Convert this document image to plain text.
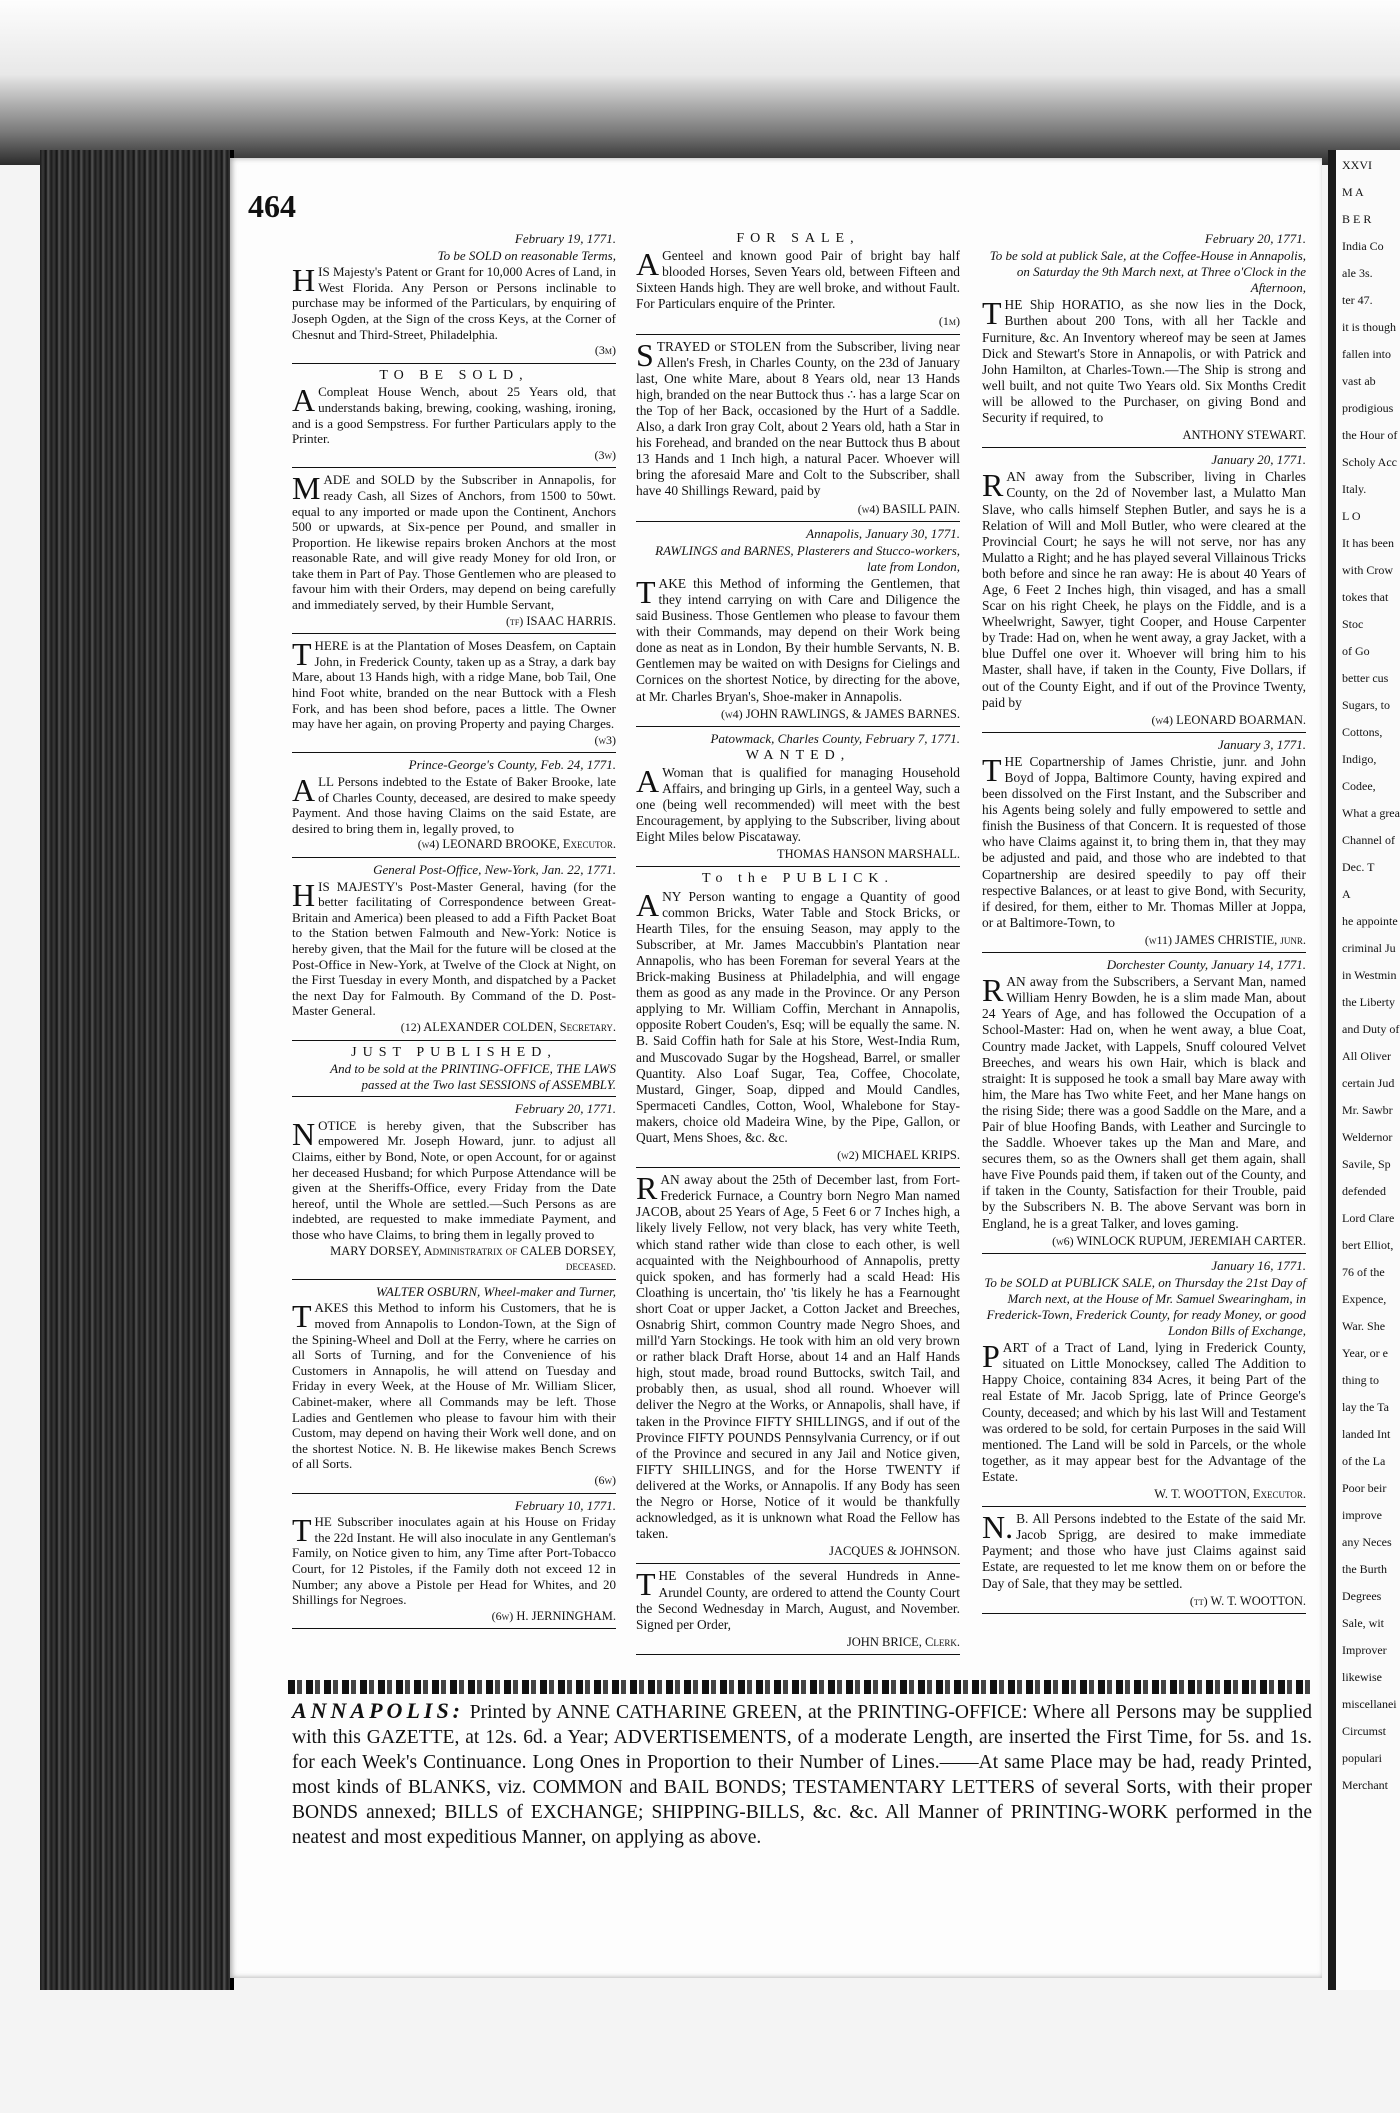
XXVI
M A
B E R
India Co
ale 3s.
ter 47.
it is though
fallen into
vast ab
prodigious
the Hour of
Scholy Acc
Italy.
L O
It has been
with Crow
tokes that
Stoc
of Go
better cus
Sugars, to
Cottons,
Indigo,
Codee,
What a grea
Channel of
Dec. T
A
he appointe
criminal Ju
in Westmin
the Liberty
and Duty of
All Oliver
certain Jud
Mr. Sawbr
Weldernor
Savile, Sp
defended
Lord Clare
bert Elliot,
76 of the
Expence,
War. She
Year, or e
thing to
lay the Ta
landed Int
of the La
Poor beir
improve
any Neces
the Burth
Degrees
Sale, wit
Improver
likewise
miscellanei
Circumst
populari
Merchant
464
February 19, 1771.
To be SOLD on reasonable Terms,

HIS Majesty's Patent or Grant for 10,000 Acres of Land, in West Florida. Any Person or Persons inclinable to purchase may be informed of the Particulars, by enquiring of Joseph Ogden, at the Sign of the cross Keys, at the Corner of Chesnut and Third-Street, Philadelphia.

(3m)
TO BE SOLD,

ACompleat House Wench, about 25 Years old, that understands baking, brewing, cooking, washing, ironing, and is a good Sempstress. For further Particulars apply to the Printer.

(3w)

MADE and SOLD by the Subscriber in Annapolis, for ready Cash, all Sizes of Anchors, from 1500 to 50wt. equal to any imported or made upon the Continent, Anchors 500 or upwards, at Six-pence per Pound, and smaller in Proportion. He likewise repairs broken Anchors at the most reasonable Rate, and will give ready Money for old Iron, or take them in Part of Pay. Those Gentlemen who are pleased to favour him with their Orders, may depend on being carefully and immediately served, by their Humble Servant,

(tf) ISAAC HARRIS.

THERE is at the Plantation of Moses Deasfem, on Captain John, in Frederick County, taken up as a Stray, a dark bay Mare, about 13 Hands high, with a ridge Mane, bob Tail, One hind Foot white, branded on the near Buttock with a Flesh Fork, and has been shod before, paces a little. The Owner may have her again, on proving Property and paying Charges.

(w3)
Prince-George's County, Feb. 24, 1771.

ALL Persons indebted to the Estate of Baker Brooke, late of Charles County, deceased, are desired to make speedy Payment. And those having Claims on the said Estate, are desired to bring them in, legally proved, to

(w4) LEONARD BROOKE, Executor.
General Post-Office, New-York, Jan. 22, 1771.

HIS MAJESTY's Post-Master General, having (for the better facilitating of Correspondence between Great-Britain and America) been pleased to add a Fifth Packet Boat to the Station betwen Falmouth and New-York: Notice is hereby given, that the Mail for the future will be closed at the Post-Office in New-York, at Twelve of the Clock at Night, on the First Tuesday in every Month, and dispatched by a Packet the next Day for Falmouth. By Command of the D. Post-Master General.

(12) ALEXANDER COLDEN, Secretary.
JUST PUBLISHED,
And to be sold at the PRINTING-OFFICE, THE LAWS passed at the Two last SESSIONS of ASSEMBLY.
February 20, 1771.

NOTICE is hereby given, that the Subscriber has empowered Mr. Joseph Howard, junr. to adjust all Claims, either by Bond, Note, or open Account, for or against her deceased Husband; for which Purpose Attendance will be given at the Sheriffs-Office, every Friday from the Date hereof, until the Whole are settled.—Such Persons as are indebted, are requested to make immediate Payment, and those who have Claims, to bring them in legally proved to

MARY DORSEY, Administratrix of CALEB DORSEY, deceased.
WALTER OSBURN, Wheel-maker and Turner,

TAKES this Method to inform his Customers, that he is moved from Annapolis to London-Town, at the Sign of the Spining-Wheel and Doll at the Ferry, where he carries on all Sorts of Turning, and for the Convenience of his Customers in Annapolis, he will attend on Tuesday and Friday in every Week, at the House of Mr. William Slicer, Cabinet-maker, where all Commands may be left. Those Ladies and Gentlemen who please to favour him with their Custom, may depend on having their Work well done, and on the shortest Notice. N. B. He likewise makes Bench Screws of all Sorts.

(6w)
February 10, 1771.

THE Subscriber inoculates again at his House on Friday the 22d Instant. He will also inoculate in any Gentleman's Family, on Notice given to him, any Time after Port-Tobacco Court, for 12 Pistoles, if the Family doth not exceed 12 in Number; any above a Pistole per Head for Whites, and 20 Shillings for Negroes.

(6w) H. JERNINGHAM.
FOR SALE,

AGenteel and known good Pair of bright bay half blooded Horses, Seven Years old, between Fifteen and Sixteen Hands high. They are well broke, and without Fault. For Particulars enquire of the Printer.

(1m)

STRAYED or STOLEN from the Subscriber, living near Allen's Fresh, in Charles County, on the 23d of January last, One white Mare, about 8 Years old, near 13 Hands high, branded on the near Buttock thus ∴ has a large Scar on the Top of her Back, occasioned by the Hurt of a Saddle. Also, a dark Iron gray Colt, about 2 Years old, hath a Star in his Forehead, and branded on the near Buttock thus B about 13 Hands and 1 Inch high, a natural Pacer. Whoever will bring the aforesaid Mare and Colt to the Subscriber, shall have 40 Shillings Reward, paid by

(w4) BASILL PAIN.
Annapolis, January 30, 1771.
RAWLINGS and BARNES, Plasterers and Stucco-workers, late from London,

TAKE this Method of informing the Gentlemen, that they intend carrying on with Care and Diligence the said Business. Those Gentlemen who please to favour them with their Commands, may depend on their Work being done as neat as in London, By their humble Servants, N. B. Gentlemen may be waited on with Designs for Cielings and Cornices on the shortest Notice, by directing for the above, at Mr. Charles Bryan's, Shoe-maker in Annapolis.

(w4) JOHN RAWLINGS, & JAMES BARNES.
Patowmack, Charles County, February 7, 1771.
WANTED,

AWoman that is qualified for managing Household Affairs, and bringing up Girls, in a genteel Way, such a one (being well recommended) will meet with the best Encouragement, by applying to the Subscriber, living about Eight Miles below Piscataway.

THOMAS HANSON MARSHALL.
To the PUBLICK.

ANY Person wanting to engage a Quantity of good common Bricks, Water Table and Stock Bricks, or Hearth Tiles, for the ensuing Season, may apply to the Subscriber, at Mr. James Maccubbin's Plantation near Annapolis, who has been Foreman for several Years at the Brick-making Business at Philadelphia, and will engage them as good as any made in the Province. Or any Person applying to Mr. William Coffin, Merchant in Annapolis, opposite Robert Couden's, Esq; will be equally the same. N. B. Said Coffin hath for Sale at his Store, West-India Rum, and Muscovado Sugar by the Hogshead, Barrel, or smaller Quantity. Also Loaf Sugar, Tea, Coffee, Chocolate, Mustard, Ginger, Soap, dipped and Mould Candles, Spermaceti Candles, Cotton, Wool, Whalebone for Stay-makers, choice old Madeira Wine, by the Pipe, Gallon, or Quart, Mens Shoes, &c. &c.

(w2) MICHAEL KRIPS.

RAN away about the 25th of December last, from Fort-Frederick Furnace, a Country born Negro Man named JACOB, about 25 Years of Age, 5 Feet 6 or 7 Inches high, a likely lively Fellow, not very black, has very white Teeth, which stand rather wide than close to each other, is well acquainted with the Neighbourhood of Annapolis, pretty quick spoken, and has formerly had a scald Head: His Cloathing is uncertain, tho' 'tis likely he has a Fearnought short Coat or upper Jacket, a Cotton Jacket and Breeches, Osnabrig Shirt, common Country made Negro Shoes, and mill'd Yarn Stockings. He took with him an old very brown or rather black Draft Horse, about 14 and an Half Hands high, stout made, broad round Buttocks, switch Tail, and probably then, as usual, shod all round. Whoever will deliver the Negro at the Works, or Annapolis, shall have, if taken in the Province FIFTY SHILLINGS, and if out of the Province FIFTY POUNDS Pennsylvania Currency, or if out of the Province and secured in any Jail and Notice given, FIFTY SHILLINGS, and for the Horse TWENTY if delivered at the Works, or Annapolis. If any Body has seen the Negro or Horse, Notice of it would be thankfully acknowledged, as it is unknown what Road the Fellow has taken.

JACQUES & JOHNSON.

THE Constables of the several Hundreds in Anne-Arundel County, are ordered to attend the County Court the Second Wednesday in March, August, and November. Signed per Order,

JOHN BRICE, Clerk.
February 20, 1771.
To be sold at publick Sale, at the Coffee-House in Annapolis, on Saturday the 9th March next, at Three o'Clock in the Afternoon,

THE Ship HORATIO, as she now lies in the Dock, Burthen about 200 Tons, with all her Tackle and Furniture, &c. An Inventory whereof may be seen at James Dick and Stewart's Store in Annapolis, or with Patrick and John Hamilton, at Charles-Town.—The Ship is strong and well built, and not quite Two Years old. Six Months Credit will be allowed to the Purchaser, on giving Bond and Security if required, to

ANTHONY STEWART.
January 20, 1771.

RAN away from the Subscriber, living in Charles County, on the 2d of November last, a Mulatto Man Slave, who calls himself Stephen Butler, and says he is a Relation of Will and Moll Butler, who were cleared at the Provincial Court; he says he will not serve, nor has any Mulatto a Right; and he has played several Villainous Tricks both before and since he ran away: He is about 40 Years of Age, 6 Feet 2 Inches high, thin visaged, and has a small Scar on his right Cheek, he plays on the Fiddle, and is a Wheelwright, Sawyer, tight Cooper, and House Carpenter by Trade: Had on, when he went away, a gray Jacket, with a blue Duffel one over it. Whoever will bring him to his Master, shall have, if taken in the County, Five Dollars, if out of the County Eight, and if out of the Province Twenty, paid by

(w4) LEONARD BOARMAN.
January 3, 1771.

THE Copartnership of James Christie, junr. and John Boyd of Joppa, Baltimore County, having expired and been dissolved on the First Instant, and the Subscriber and his Agents being solely and fully empowered to settle and finish the Business of that Concern. It is requested of those who have Claims against it, to bring them in, that they may be adjusted and paid, and those who are indebted to that Copartnership are desired speedily to pay off their respective Balances, or at least to give Bond, with Security, if desired, for them, either to Mr. Thomas Miller at Joppa, or at Baltimore-Town, to

(w11) JAMES CHRISTIE, junr.
Dorchester County, January 14, 1771.

RAN away from the Subscribers, a Servant Man, named William Henry Bowden, he is a slim made Man, about 24 Years of Age, and has followed the Occupation of a School-Master: Had on, when he went away, a blue Coat, Country made Jacket, with Lappels, Snuff coloured Velvet Breeches, and wears his own Hair, which is black and straight: It is supposed he took a small bay Mare away with him, the Mare has Two white Feet, and her Mane hangs on the rising Side; there was a good Saddle on the Mare, and a Pair of blue Hoofing Bands, with Leather and Surcingle to the Saddle. Whoever takes up the Man and Mare, and secures them, so as the Owners shall get them again, shall have Five Pounds paid them, if taken out of the County, and if taken in the County, Satisfaction for their Trouble, paid by the Subscribers N. B. The above Servant was born in England, he is a great Talker, and loves gaming.

(w6) WINLOCK RUPUM, JEREMIAH CARTER.
January 16, 1771.
To be SOLD at PUBLICK SALE, on Thursday the 21st Day of March next, at the House of Mr. Samuel Swearingham, in Frederick-Town, Frederick County, for ready Money, or good London Bills of Exchange,

PART of a Tract of Land, lying in Frederick County, situated on Little Monocksey, called The Addition to Happy Choice, containing 834 Acres, it being Part of the real Estate of Mr. Jacob Sprigg, late of Prince George's County, deceased; and which by his last Will and Testament was ordered to be sold, for certain Purposes in the said Will mentioned. The Land will be sold in Parcels, or the whole together, as it may appear best for the Advantage of the Estate.

W. T. WOOTTON, Executor.

N.B. All Persons indebted to the Estate of the said Mr. Jacob Sprigg, are desired to make immediate Payment; and those who have just Claims against said Estate, are requested to let me know them on or before the Day of Sale, that they may be settled.

(tt) W. T. WOOTTON.
ANNAPOLIS: Printed by ANNE CATHARINE GREEN, at the PRINTING-OFFICE: Where all Persons may be supplied with this GAZETTE, at 12s. 6d. a Year; ADVERTISEMENTS, of a moderate Length, are inserted the First Time, for 5s. and 1s. for each Week's Continuance. Long Ones in Proportion to their Number of Lines.——At same Place may be had, ready Printed, most kinds of BLANKS, viz. COMMON and BAIL BONDS; TESTAMENTARY LETTERS of several Sorts, with their proper BONDS annexed; BILLS of EXCHANGE; SHIPPING-BILLS, &c. &c. All Manner of PRINTING-WORK performed in the neatest and most expeditious Manner, on applying as above.
